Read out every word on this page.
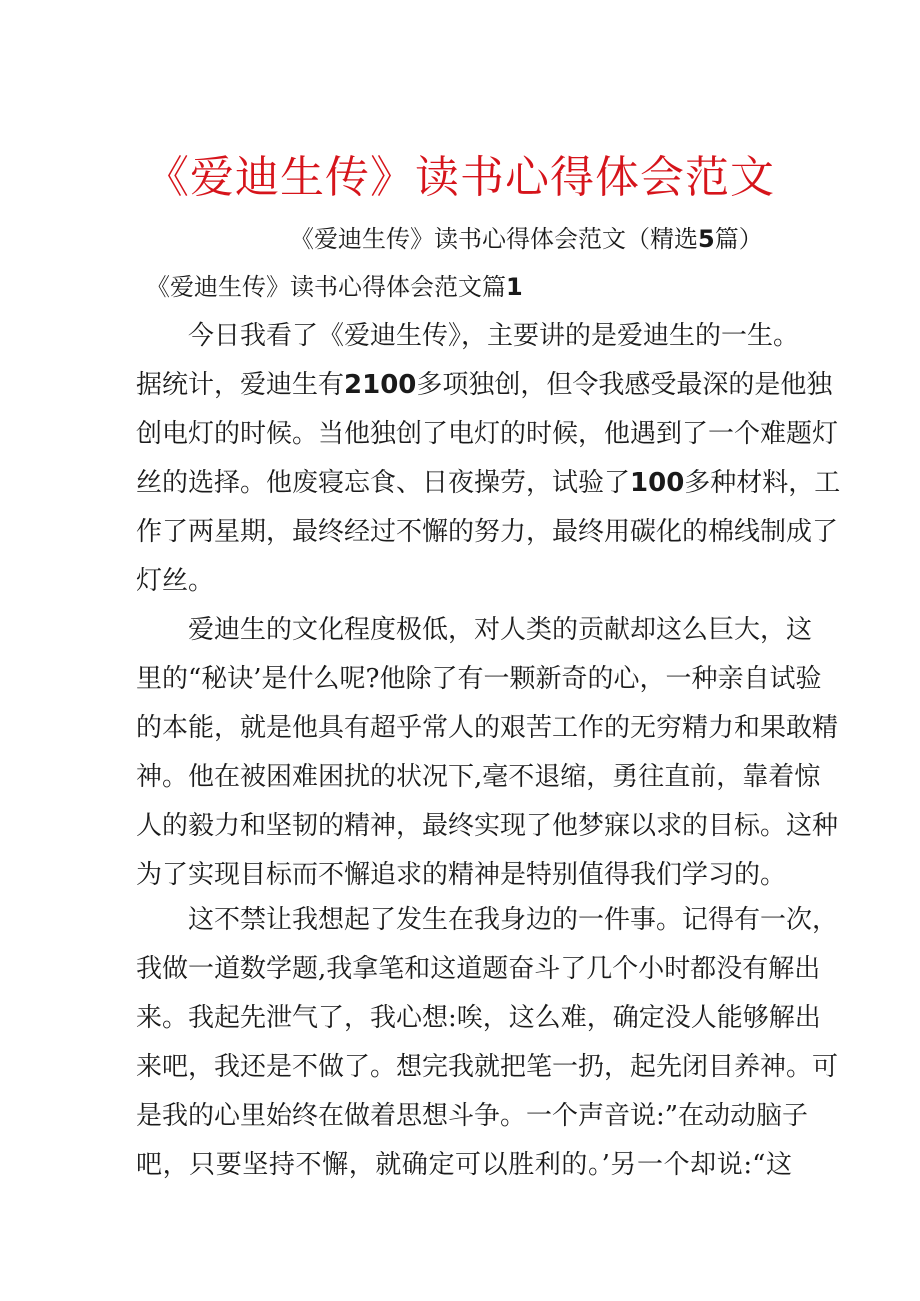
《爱迪生传》读书心得体会范文
《爱迪生传》读书心得体会范文（精选5篇）
《爱迪生传》读书心得体会范文篇1
今日我看了《爱迪生传》，主要讲的是爱迪生的一生。
据统计，爱迪生有2100多项独创，但令我感受最深的是他独
创电灯的时候。当他独创了电灯的时候，他遇到了一个难题灯
丝的选择。他废寝忘食、日夜操劳，试验了100多种材料，工
作了两星期，最终经过不懈的努力，最终用碳化的棉线制成了
灯丝。
爱迪生的文化程度极低，对人类的贡献却这么巨大，这
里的“秘诀’是什么呢?他除了有一颗新奇的心，一种亲自试验
的本能，就是他具有超乎常人的艰苦工作的无穷精力和果敢精
神。他在被困难困扰的状况下,毫不退缩，勇往直前，靠着惊
人的毅力和坚韧的精神，最终实现了他梦寐以求的目标。这种
为了实现目标而不懈追求的精神是特别值得我们学习的。
这不禁让我想起了发生在我身边的一件事。记得有一次，
我做一道数学题,我拿笔和这道题奋斗了几个小时都没有解出
来。我起先泄气了，我心想:唉，这么难，确定没人能够解出
来吧，我还是不做了。想完我就把笔一扔，起先闭目养神。可
是我的心里始终在做着思想斗争。一个声音说:”在动动脑子
吧，只要坚持不懈，就确定可以胜利的。’另一个却说:“这
